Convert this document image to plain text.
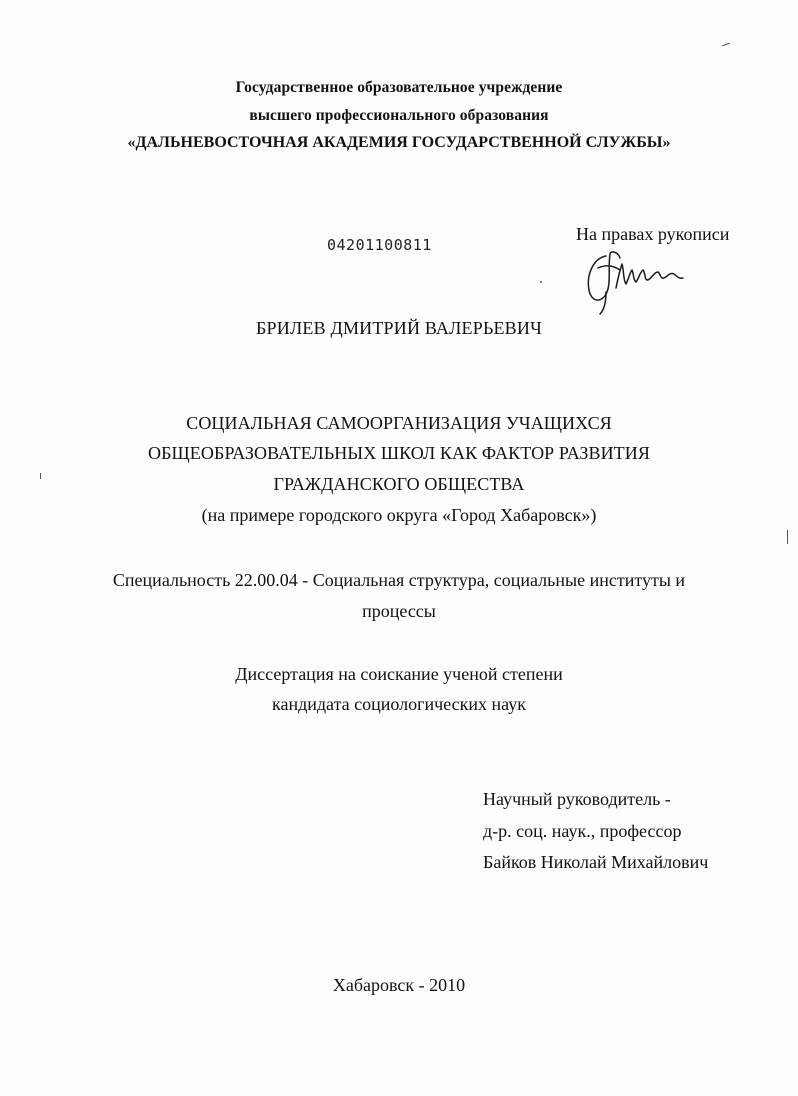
Государственное образовательное учреждение
высшего профессионального образования
«ДАЛЬНЕВОСТОЧНАЯ АКАДЕМИЯ ГОСУДАРСТВЕННОЙ СЛУЖБЫ»
04201100811
На правах рукописи
БРИЛЕВ ДМИТРИЙ ВАЛЕРЬЕВИЧ
СОЦИАЛЬНАЯ САМООРГАНИЗАЦИЯ УЧАЩИХСЯ
ОБЩЕОБРАЗОВАТЕЛЬНЫХ ШКОЛ КАК ФАКТОР РАЗВИТИЯ
ГРАЖДАНСКОГО ОБЩЕСТВА
(на примере городского округа «Город Хабаровск»)
Специальность 22.00.04 - Социальная структура, социальные институты и
процессы
Диссертация на соискание ученой степени
кандидата социологических наук
Научный руководитель -
д-р. соц. наук., профессор
Байков Николай Михайлович
Хабаровск - 2010
